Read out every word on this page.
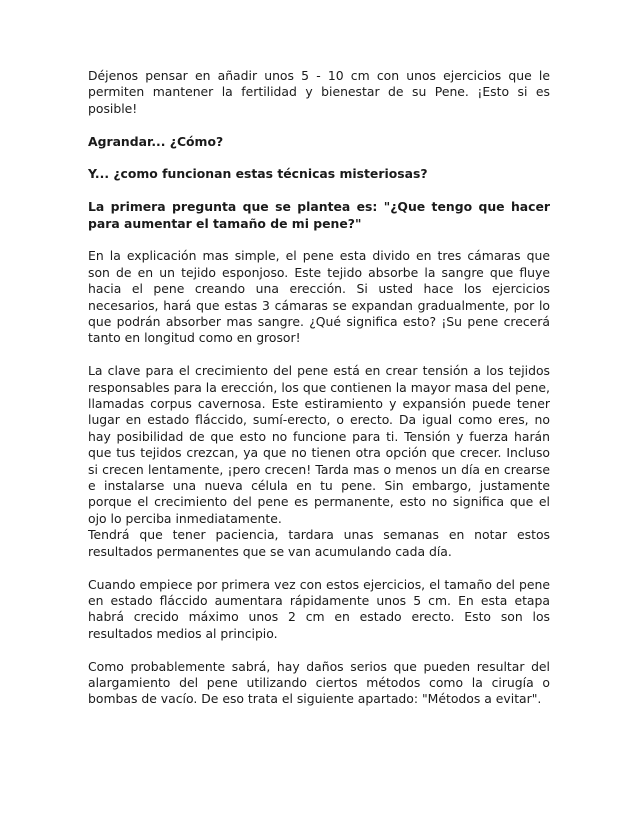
Déjenos pensar en añadir unos 5 - 10 cm con unos ejercicios que le permiten mantener la fertilidad y bienestar de su Pene. ¡Esto si es posible!

Agrandar... ¿Cómo?

Y... ¿como funcionan estas técnicas misteriosas?

La primera pregunta que se plantea es: "¿Que tengo que hacer para aumentar el tamaño de mi pene?"

En la explicación mas simple, el pene esta divido en tres cámaras que son de en un tejido esponjoso. Este tejido absorbe la sangre que fluye hacia el pene creando una erección. Si usted hace los ejercicios necesarios, hará que estas 3 cámaras se expandan gradualmente, por lo que podrán absorber mas sangre. ¿Qué significa esto? ¡Su pene crecerá tanto en longitud como en grosor!

La clave para el crecimiento del pene está en crear tensión a los tejidos responsables para la erección, los que contienen la mayor masa del pene, llamadas corpus cavernosa. Este estiramiento y expansión puede tener lugar en estado fláccido, sumí-erecto, o erecto. Da igual como eres, no hay posibilidad de que esto no funcione para ti. Tensión y fuerza harán que tus tejidos crezcan, ya que no tienen otra opción que crecer. Incluso si crecen lentamente, ¡pero crecen! Tarda mas o menos un día en crearse e instalarse una nueva célula en tu pene. Sin embargo, justamente porque el crecimiento del pene es permanente, esto no significa que el ojo lo perciba inmediatamente.

Tendrá que tener paciencia, tardara unas semanas en notar estos resultados permanentes que se van acumulando cada día.

Cuando empiece por primera vez con estos ejercicios, el tamaño del pene en estado fláccido aumentara rápidamente unos 5 cm. En esta etapa habrá crecido máximo unos 2 cm en estado erecto. Esto son los resultados medios al principio.

Como probablemente sabrá, hay daños serios que pueden resultar del alargamiento del pene utilizando ciertos métodos como la cirugía o bombas de vacío. De eso trata el siguiente apartado: "Métodos a evitar".
